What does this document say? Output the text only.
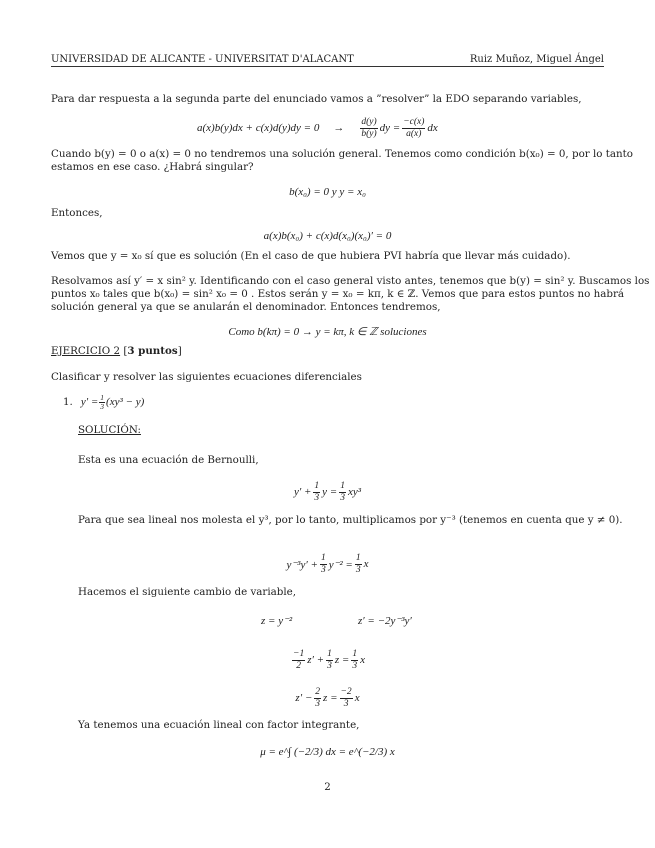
UNIVERSIDAD DE ALICANTE - UNIVERSITAT D'ALACANT	Ruiz Muñoz, Miguel Ángel
Para dar respuesta a la segunda parte del enunciado vamos a ”resolver” la EDO separando variables,
$a(x)b(y)dx + c(x)d(y)dy = 0 \to \frac{d(y)}{b(y)}$ dy = $\frac{-c(x)}{a(x)}$ dx
Cuando b(y) = 0 o a(x) = 0 no tendremos una solución general. Tenemos como condición b(x₀) = 0, por lo tanto
estamos en ese caso. ¿Habrá singular?
b(x₀) = 0 y y = x₀
Entonces,
a(x)b(x₀) + c(x)d(x₀)(x₀)′ = 0
Vemos que y = x₀ sí que es solución (En el caso de que hubiera PVI habría que llevar más cuidado).
Resolvamos así y′ = x sin² y. Identificando con el caso general visto antes, tenemos que b(y) = sin² y. Buscamos los
puntos x₀ tales que b(x₀) = sin² x₀ = 0 . Estos serán y = x₀ = kπ, k ∈ ℤ. Vemos que para estos puntos no habrá
solución general ya que se anularán el denominador. Entonces tendremos,
Como b(kπ) = 0 → y = kπ, k ∈ ℤ soluciones
EJERCICIO 2 [3 puntos]
Clasificar y resolver las siguientes ecuaciones diferenciales
1. $y' = \frac{1}{3} (xy^3 - y)$
SOLUCIÓN:
Esta es una ecuación de Bernoulli,
$y' + \frac{1}{3}$ $y = \frac{1}{3} xy^3$
Para que sea lineal nos molesta el y³, por lo tanto, multiplicamos por y⁻³ (tenemos en cuenta que y ≠ 0).
$y^{-3}y' + \frac{1}{3} y^{-2} = \frac{1}{3}$ x
Hacemos el siguiente cambio de variable,
z = y⁻²	z′ = −2y⁻³y′
$\frac{-1}{2} z' + \frac{1}{3}$ $z = \frac{1}{3}$ x
$z' - \frac{2}{3}$ $z = \frac{-2}{3}$ x
Ya tenemos una ecuación lineal con factor integrante,
μ = e^∫ (−2/3) dx = e^(−2/3) x
2
